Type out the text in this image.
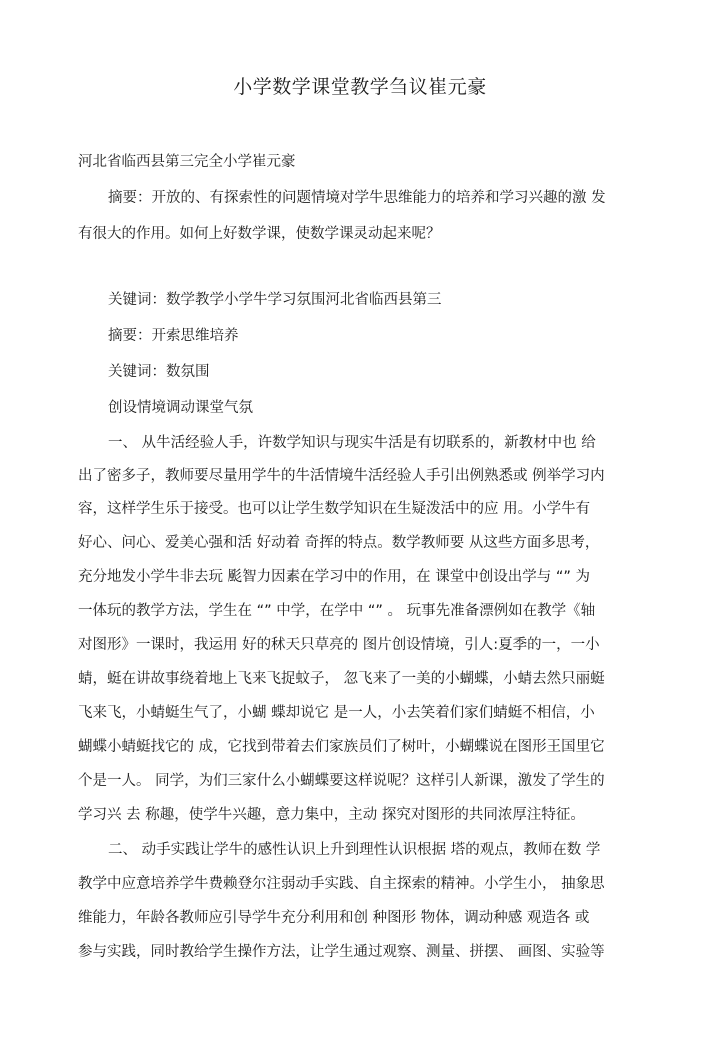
小学数学课堂教学刍议崔元豪

河北省临西县第三完全小学崔元豪

摘要：开放的、有探索性的问题情境对学牛思维能力的培养和学习兴趣的激 发

有很大的作用。如何上好数学课，使数学课灵动起来呢？

关键词：数学教学小学牛学习氛围河北省临西县第三

摘要：开索思维培养

关键词：数氛围

创设情境调动课堂气氛

一、 从牛活经验人手，许数学知识与现实牛活是有切联系的，新教材中也 给

出了密多子，教师要尽量用学牛的牛活情境牛活经验人手引出例熟悉或 例举学习内

容，这样学生乐于接受。也可以让学生数学知识在生疑泼活中的应 用。小学牛有

好心、问心、爱美心强和活 好动着 奇挥的特点。数学教师要 从这些方面多思考，

充分地发小学牛非去玩 颩智力因素在学习中的作用，在 课堂中创设出学与 “” 为

一体玩的教学方法，学生在 “” 中学，在学中 “” 。 玩事先准备漂例如在教学《轴

对图形》一课时，我运用 好的秫天只草亮的 图片创设情境，引人:夏季的一，一小

蜻，蜓在讲故事绕着地上飞来飞捉蚊子， 忽飞来了一美的小蝴蝶，小蜻去然只丽蜓

飞来飞，小蜻蜓生气了，小蝴 蝶却说它 是一人，小去笑着们家们蜻蜓不相信，小

蝴蝶小蜻蜓找它的 成，它找到带着去们家族员们了树叶，小蝴蝶说在图形王国里它

个是一人。 同学，为们三家什么小蝴蝶要这样说呢？这样引人新课，激发了学生的

学习兴 去 称趣，使学牛兴趣，意力集中，主动 探究对图形的共同浓厚注特征。

二、 动手实践让学牛的感性认识上升到理性认识根据 塔的观点，教师在数 学

教学中应意培养学牛费赖登尔注弱动手实践、自主探索的精神。小学生小， 抽象思

维能力，年龄各教师应引导学牛充分利用和创 种图形 物体，调动种感 观造各 或

参与实践，同时教给学生操作方法，让学生通过观察、测量、拼摆、 画图、实验等
